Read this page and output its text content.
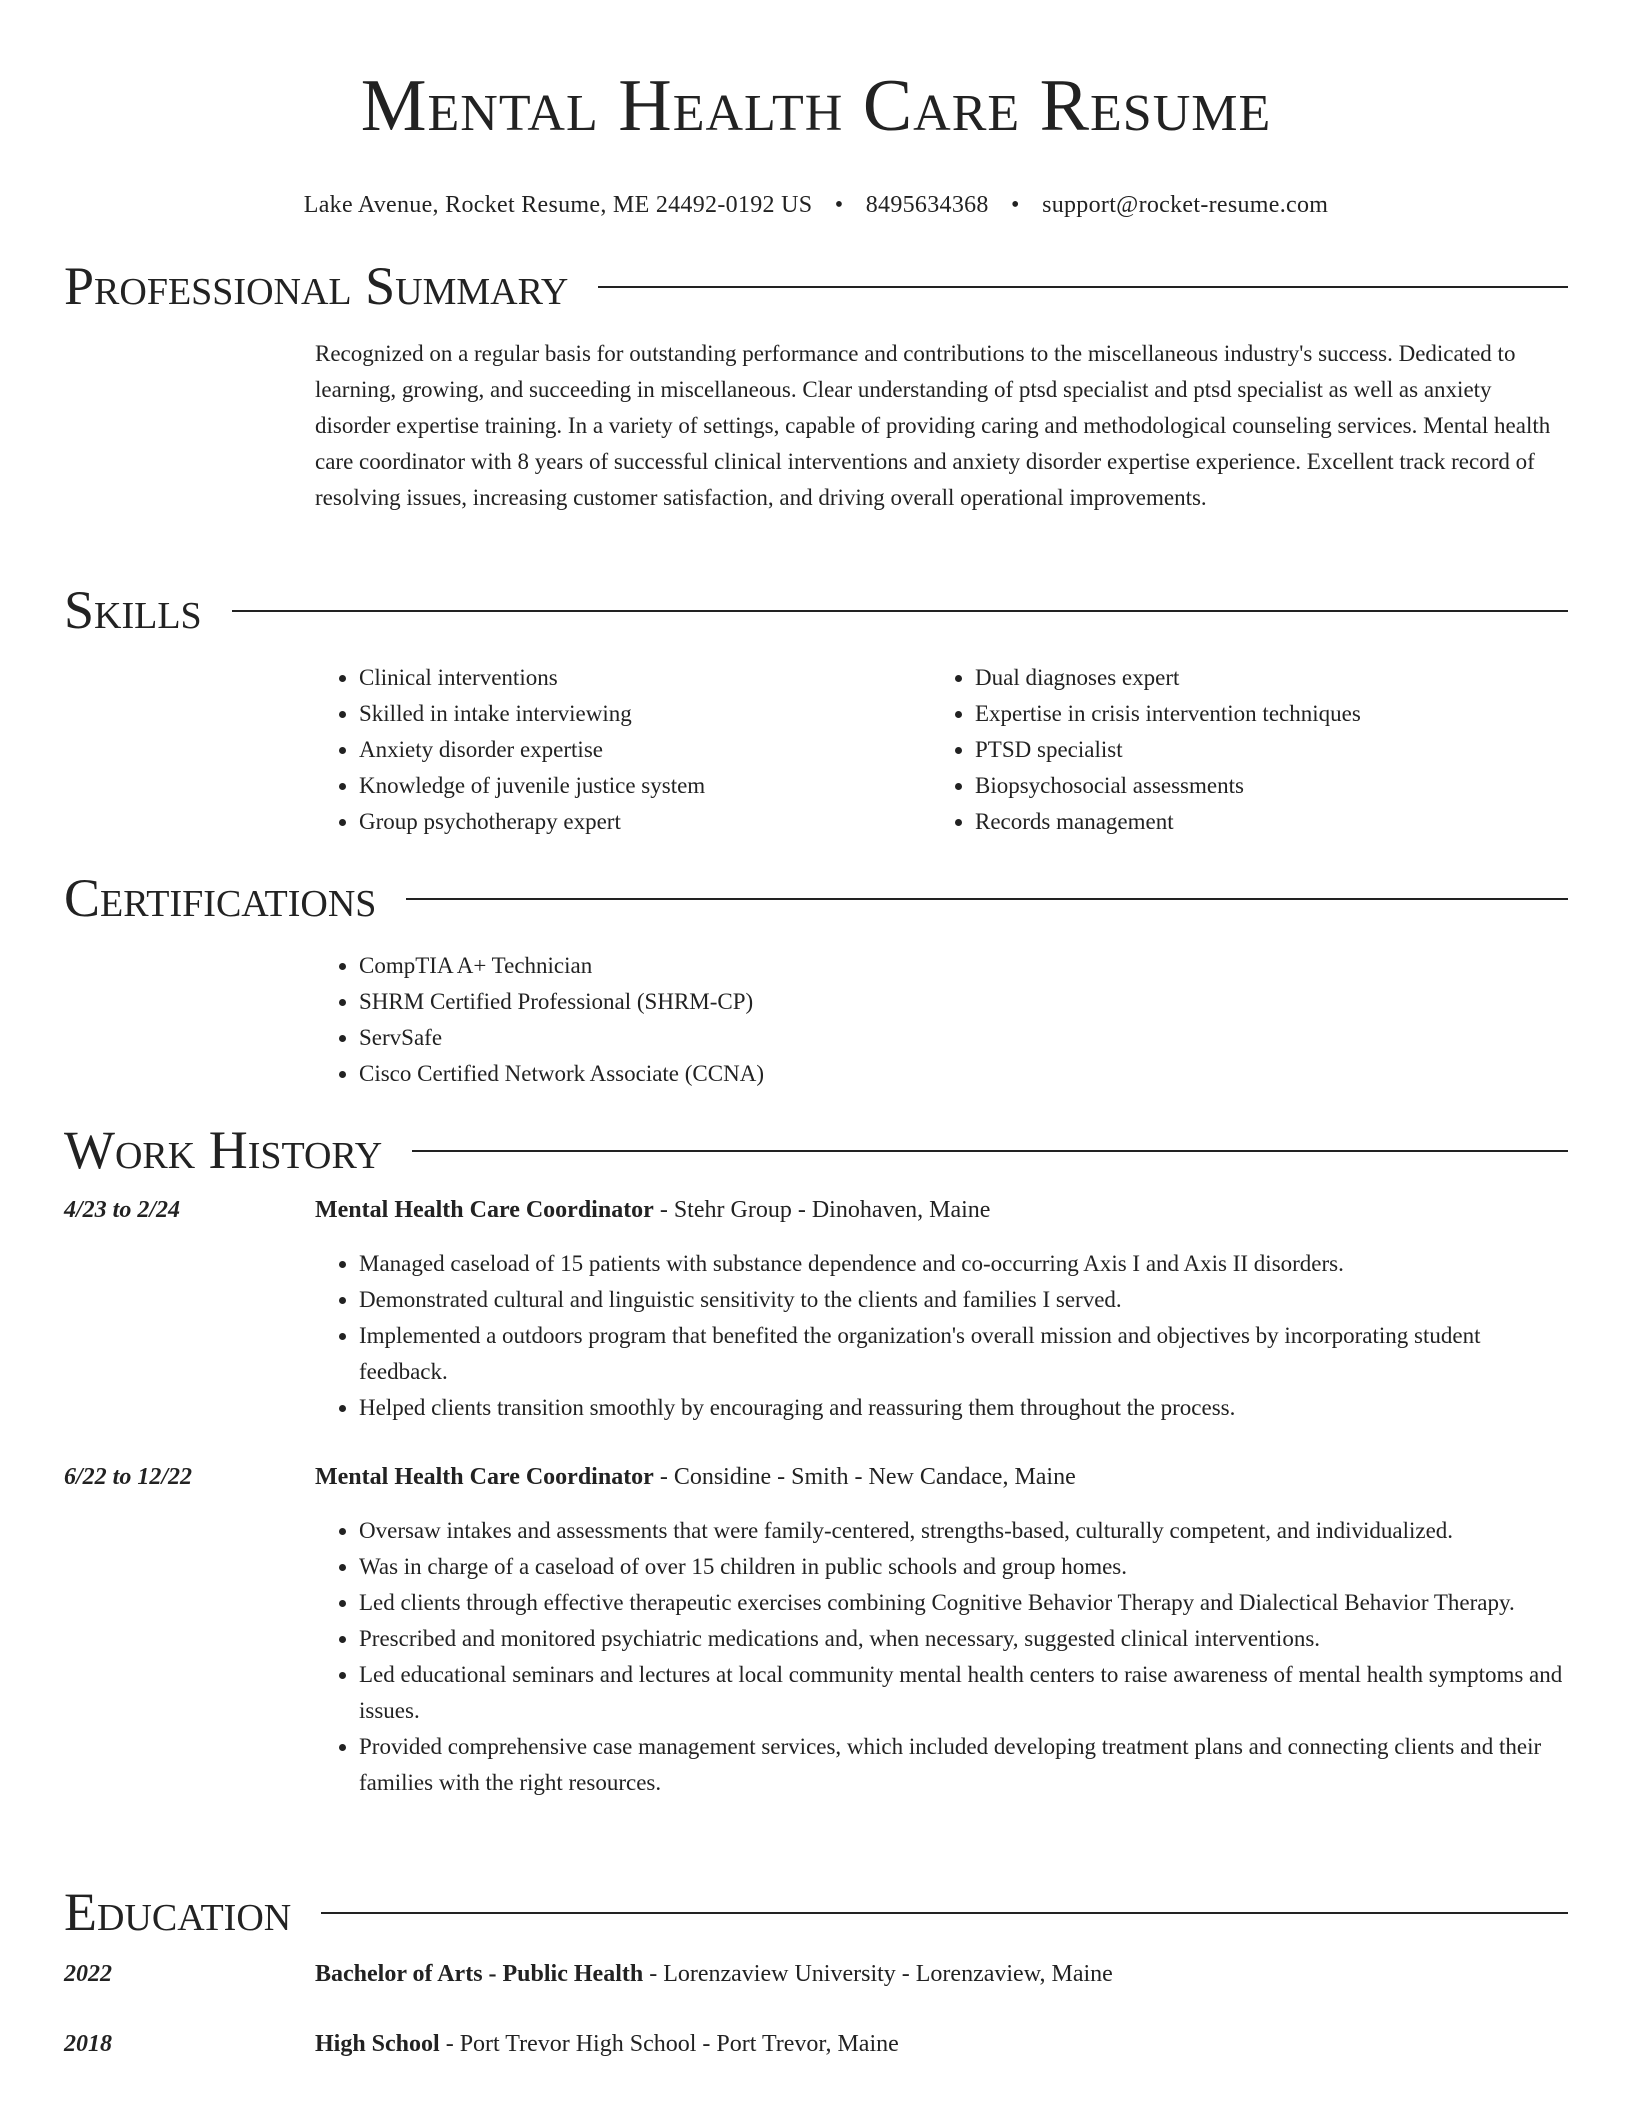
Mental Health Care Resume
Lake Avenue, Rocket Resume, ME 24492-0192 US • 8495634368 • support@rocket-resume.com
Professional Summary

Recognized on a regular basis for outstanding performance and contributions to the miscellaneous industry's success. Dedicated to learning, growing, and succeeding in miscellaneous. Clear understanding of ptsd specialist and ptsd specialist as well as anxiety disorder expertise training. In a variety of settings, capable of providing caring and methodological counseling services. Mental health care coordinator with 8 years of successful clinical interventions and anxiety disorder expertise experience. Excellent track record of resolving issues, increasing customer satisfaction, and driving overall operational improvements.

Skills
• Clinical interventions
• Skilled in intake interviewing
• Anxiety disorder expertise
• Knowledge of juvenile justice system
• Group psychotherapy expert
• Dual diagnoses expert
• Expertise in crisis intervention techniques
• PTSD specialist
• Biopsychosocial assessments
• Records management
Certifications
• CompTIA A+ Technician
• SHRM Certified Professional (SHRM-CP)
• ServSafe
• Cisco Certified Network Associate (CCNA)
Work History
4/23 to 2/24	Mental Health Care Coordinator - Stehr Group - Dinohaven, Maine
• Managed caseload of 15 patients with substance dependence and co-occurring Axis I and Axis II disorders.
• Demonstrated cultural and linguistic sensitivity to the clients and families I served.
• Implemented a outdoors program that benefited the organization's overall mission and objectives by incorporating student feedback.
• Helped clients transition smoothly by encouraging and reassuring them throughout the process.
6/22 to 12/22	Mental Health Care Coordinator - Considine - Smith - New Candace, Maine
• Oversaw intakes and assessments that were family-centered, strengths-based, culturally competent, and individualized.
• Was in charge of a caseload of over 15 children in public schools and group homes.
• Led clients through effective therapeutic exercises combining Cognitive Behavior Therapy and Dialectical Behavior Therapy.
• Prescribed and monitored psychiatric medications and, when necessary, suggested clinical interventions.
• Led educational seminars and lectures at local community mental health centers to raise awareness of mental health symptoms and issues.
• Provided comprehensive case management services, which included developing treatment plans and connecting clients and their families with the right resources.
Education
2022	Bachelor of Arts - Public Health - Lorenzaview University - Lorenzaview, Maine
2018	High School - Port Trevor High School - Port Trevor, Maine
